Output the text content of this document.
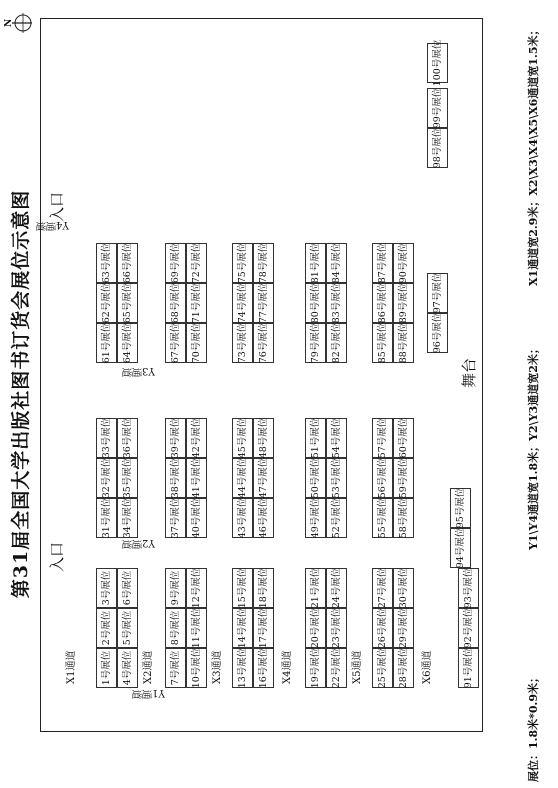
第31届全国大学出版社图书订货会展位示意图
N
1号展位
2号展位
3号展位
4号展位
5号展位
6号展位
7号展位
8号展位
9号展位
10号展位
11号展位
12号展位
13号展位
14号展位
15号展位
16号展位
17号展位
18号展位
19号展位
20号展位
21号展位
22号展位
23号展位
24号展位
25号展位
26号展位
27号展位
28号展位
29号展位
30号展位
31号展位
32号展位
33号展位
34号展位
35号展位
36号展位
37号展位
38号展位
39号展位
40号展位
41号展位
42号展位
43号展位
44号展位
45号展位
46号展位
47号展位
48号展位
49号展位
50号展位
51号展位
52号展位
53号展位
54号展位
55号展位
56号展位
57号展位
58号展位
59号展位
60号展位
61号展位
62号展位
63号展位
64号展位
65号展位
66号展位
67号展位
68号展位
69号展位
70号展位
71号展位
72号展位
73号展位
74号展位
75号展位
76号展位
77号展位
78号展位
79号展位
80号展位
81号展位
82号展位
83号展位
84号展位
85号展位
86号展位
87号展位
88号展位
89号展位
90号展位
91号展位
92号展位
93号展位
94号展位
95号展位
96号展位
97号展位
98号展位
99号展位
100号展位
X1通道	X2通道	X3通道	X4通道	X5通道	X6通道
Y1通道
Y2通道
Y3通道
Y4通道
入口
入口
舞台
展位：1.8米*0.9米；
Y1\Y4通道宽1.8米；Y2\Y3通道宽2米；
X1通道宽2.9米；X2\X3\X4\X5\X6通道宽1.5米；
